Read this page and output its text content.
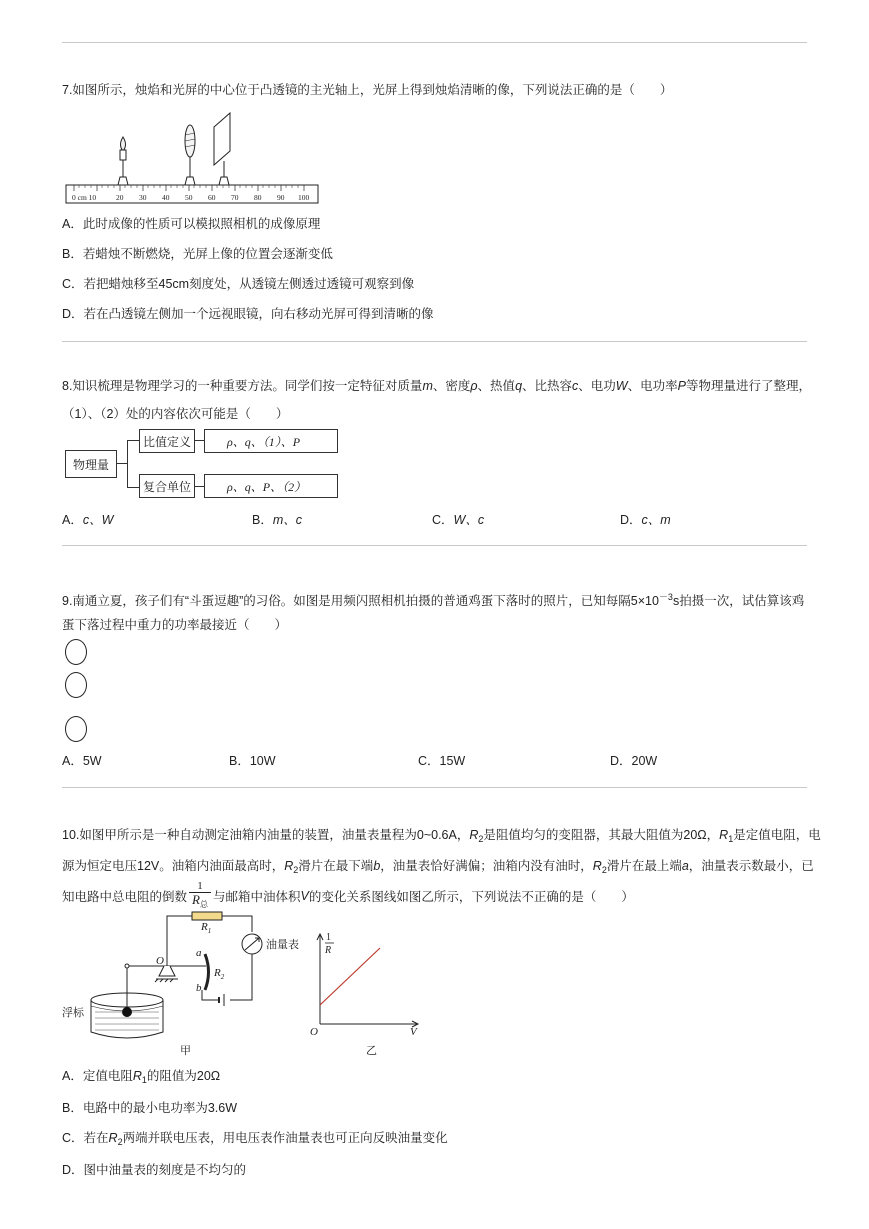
7.如图所示，烛焰和光屏的中心位于凸透镜的主光轴上，光屏上得到烛焰清晰的像，下列说法正确的是（　　）
0 cm 10	20 30 40 50 60 70 80 90 100
A．此时成像的性质可以模拟照相机的成像原理
B．若蜡烛不断燃烧，光屏上像的位置会逐渐变低
C．若把蜡烛移至45cm刻度处，从透镜左侧透过透镜可观察到像
D．若在凸透镜左侧加一个远视眼镜，向右移动光屏可得到清晰的像
8.知识梳理是物理学习的一种重要方法。同学们按一定特征对质量m、密度ρ、热值q、比热容c、电功W、电功率P等物理量进行了整理，
（1）、（2）处的内容依次可能是（　　）
物理量
比值定义
复合单位
ρ、q、（1）、P
ρ、q、P、（2）
A．c、W	B．m、c	C．W、c	D．c、m
9.南通立夏，孩子们有“斗蛋逗趣”的习俗。如图是用频闪照相机拍摄的普通鸡蛋下落时的照片，已知每隔$5\times 10^{-3}s$拍摄一次，试估算该鸡
蛋下落过程中重力的功率最接近（　　）
A．5W	B．10W	C．15W	D．20W
10.如图甲所示是一种自动测定油箱内油量的装置，油量表量程为0~0.6A，$R_2$是阻值均匀的变阻器，其最大阻值为20Ω，$R_1$是定值电阻，电
源为恒定电压12V。油箱内油面最高时，$R_2$滑片在最下端b，油量表恰好满偏；油箱内没有油时，$R_2$滑片在最上端a，油量表示数最小，已
知电路中总电阻的倒数
1
$R_总$
与邮箱中油体积 V 的变化关系图线如图乙所示，下列说法不正确的是（　　）
$R_1$
$R_2$
a
b
O
油量表
浮标
甲
1
R
O	V
乙
A．定值电阻$R_1$的阻值为20Ω
B．电路中的最小电功率为3.6W
C．若在$R_2$两端并联电压表，用电压表作油量表也可正向反映油量变化
D．图中油量表的刻度是不均匀的
